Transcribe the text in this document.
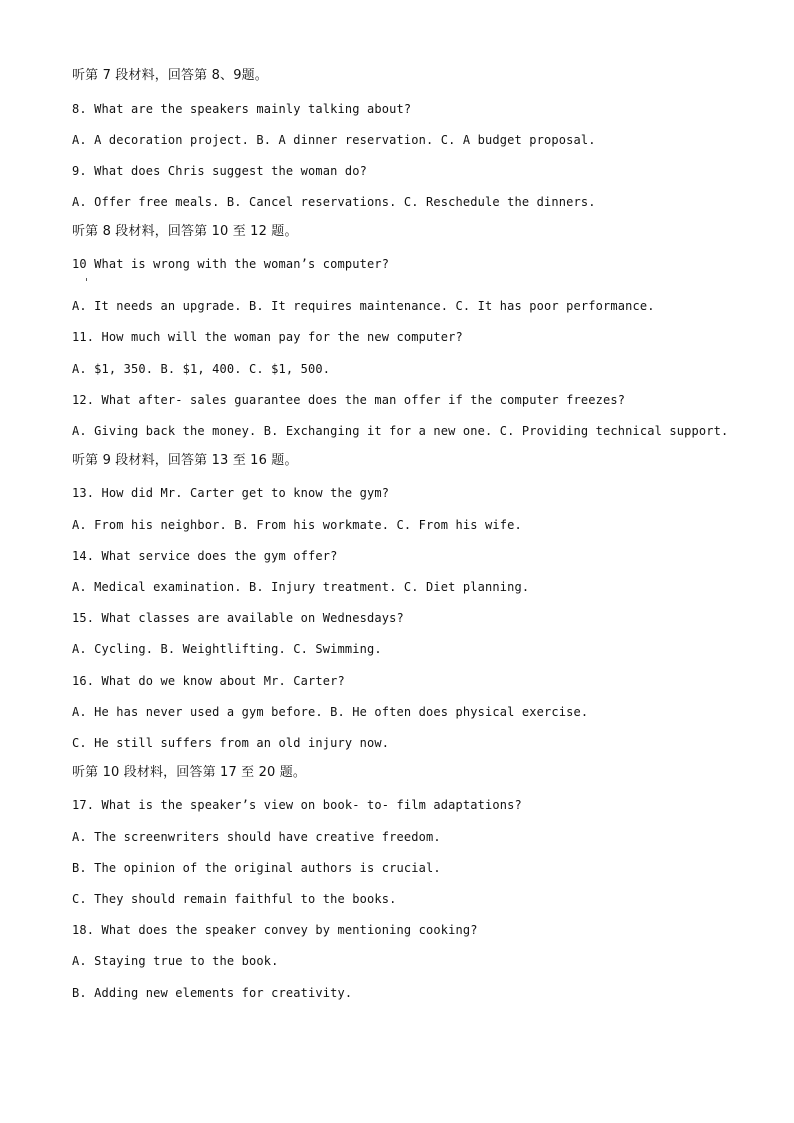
听第 7 段材料，回答第 8、9题。
8. What are the speakers mainly talking about?
A. A decoration project. B. A dinner reservation. C. A budget proposal.
9. What does Chris suggest the woman do?
A. Offer free meals. B. Cancel reservations. C. Reschedule the dinners.
听第 8 段材料，回答第 10 至 12 题。
10 What is wrong with the woman’s computer?
A. It needs an upgrade. B. It requires maintenance. C. It has poor performance.
11. How much will the woman pay for the new computer?
A. $1, 350. B. $1, 400. C. $1, 500.
12. What after- sales guarantee does the man offer if the computer freezes?
A. Giving back the money. B. Exchanging it for a new one. C. Providing technical support.
听第 9 段材料，回答第 13 至 16 题。
13. How did Mr. Carter get to know the gym?
A. From his neighbor. B. From his workmate. C. From his wife.
14. What service does the gym offer?
A. Medical examination. B. Injury treatment. C. Diet planning.
15. What classes are available on Wednesdays?
A. Cycling. B. Weightlifting. C. Swimming.
16. What do we know about Mr. Carter?
A. He has never used a gym before. B. He often does physical exercise.
C. He still suffers from an old injury now.
听第 10 段材料，回答第 17 至 20 题。
17. What is the speaker’s view on book- to- film adaptations?
A. The screenwriters should have creative freedom.
B. The opinion of the original authors is crucial.
C. They should remain faithful to the books.
18. What does the speaker convey by mentioning cooking?
A. Staying true to the book.
B. Adding new elements for creativity.
